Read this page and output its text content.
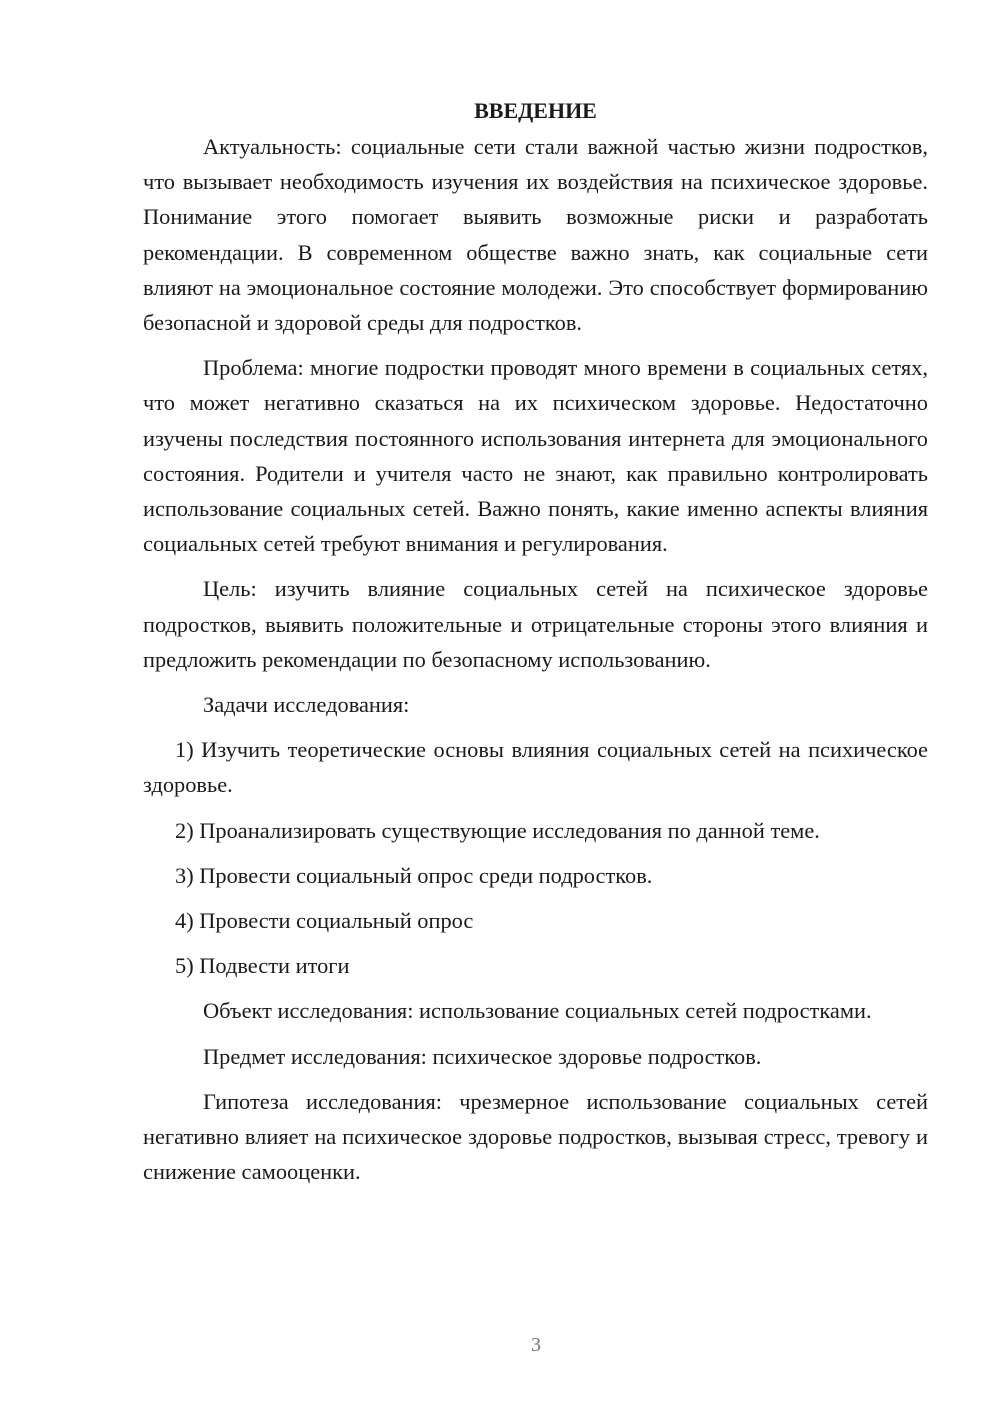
ВВЕДЕНИЕ

Актуальность: социальные сети стали важной частью жизни подростков, что вызывает необходимость изучения их воздействия на психическое здоровье. Понимание этого помогает выявить возможные риски и разработать рекомендации. В современном обществе важно знать, как социальные сети влияют на эмоциональное состояние молодежи. Это способствует формированию безопасной и здоровой среды для подростков.

Проблема: многие подростки проводят много времени в социальных сетях, что может негативно сказаться на их психическом здоровье. Недостаточно изучены последствия постоянного использования интернета для эмоционального состояния. Родители и учителя часто не знают, как правильно контролировать использование социальных сетей. Важно понять, какие именно аспекты влияния социальных сетей требуют внимания и регулирования.

Цель: изучить влияние социальных сетей на психическое здоровье подростков, выявить положительные и отрицательные стороны этого влияния и предложить рекомендации по безопасному использованию.

Задачи исследования:

1) Изучить теоретические основы влияния социальных сетей на психическое здоровье.

2) Проанализировать существующие исследования по данной теме.

3) Провести социальный опрос среди подростков.

4) Провести социальный опрос

5) Подвести итоги

Объект исследования: использование социальных сетей подростками.

Предмет исследования: психическое здоровье подростков.

Гипотеза исследования: чрезмерное использование социальных сетей негативно влияет на психическое здоровье подростков, вызывая стресс, тревогу и снижение самооценки.

3
